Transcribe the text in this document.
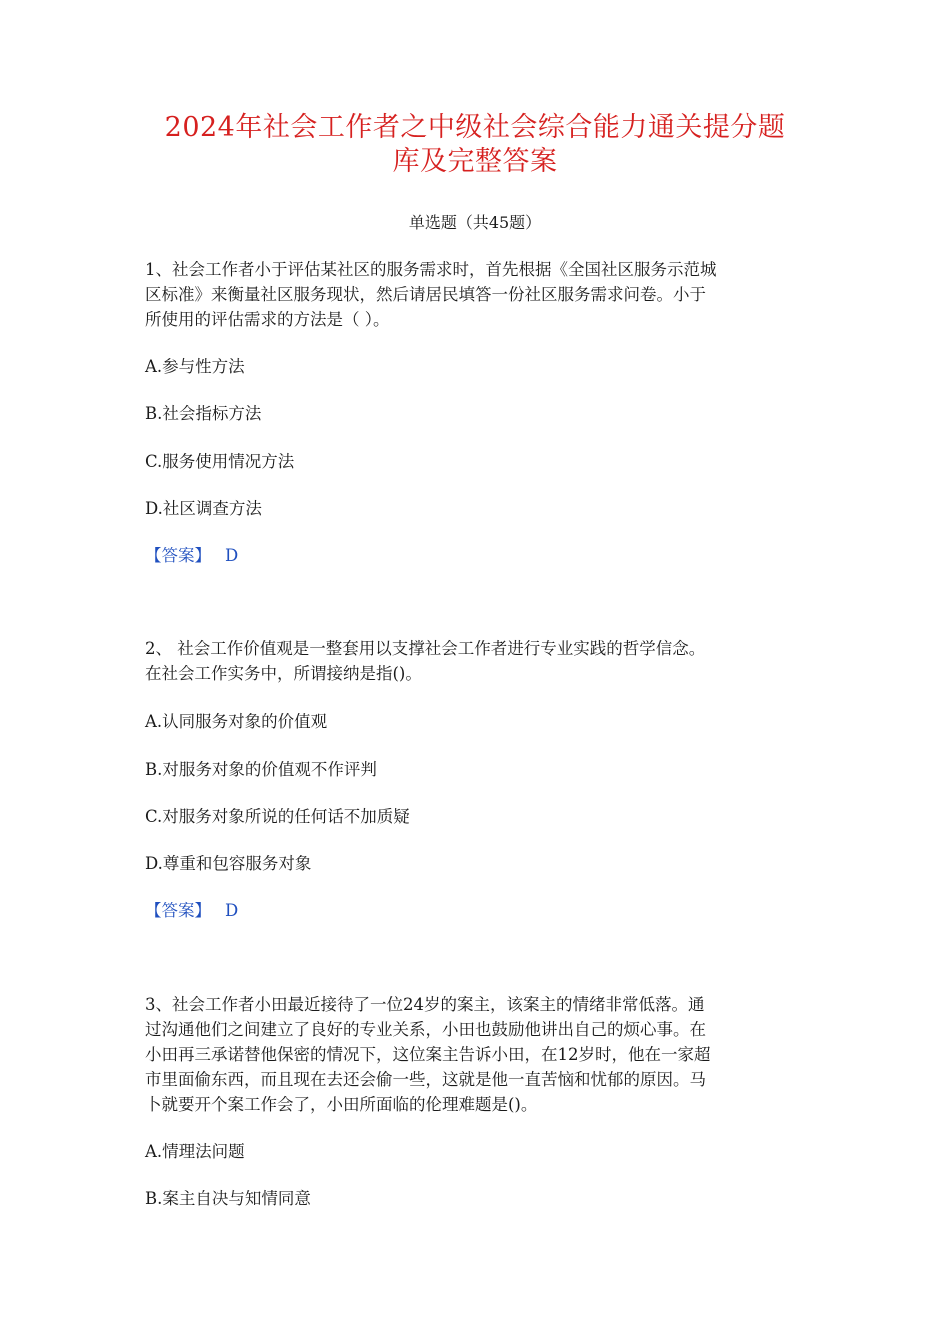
2024年社会工作者之中级社会综合能力通关提分题
库及完整答案
单选题（共45题）
1、社会工作者小于评估某社区的服务需求时，首先根据《全国社区服务示范城
区标准》来衡量社区服务现状，然后请居民填答一份社区服务需求问卷。小于
所使用的评估需求的方法是（ ）。
A.参与性方法
B.社会指标方法
C.服务使用情况方法
D.社区调查方法
【答案】 D
2、 社会工作价值观是一整套用以支撑社会工作者进行专业实践的哲学信念。
在社会工作实务中，所谓接纳是指()。
A.认同服务对象的价值观
B.对服务对象的价值观不作评判
C.对服务对象所说的任何话不加质疑
D.尊重和包容服务对象
【答案】 D
3、社会工作者小田最近接待了一位24岁的案主，该案主的情绪非常低落。通
过沟通他们之间建立了良好的专业关系，小田也鼓励他讲出自己的烦心事。在
小田再三承诺替他保密的情况下，这位案主告诉小田，在12岁时，他在一家超
市里面偷东西，而且现在去还会偷一些，这就是他一直苦恼和忧郁的原因。马
卜就要开个案工作会了，小田所面临的伦理难题是()。
A.情理法问题
B.案主自决与知情同意
